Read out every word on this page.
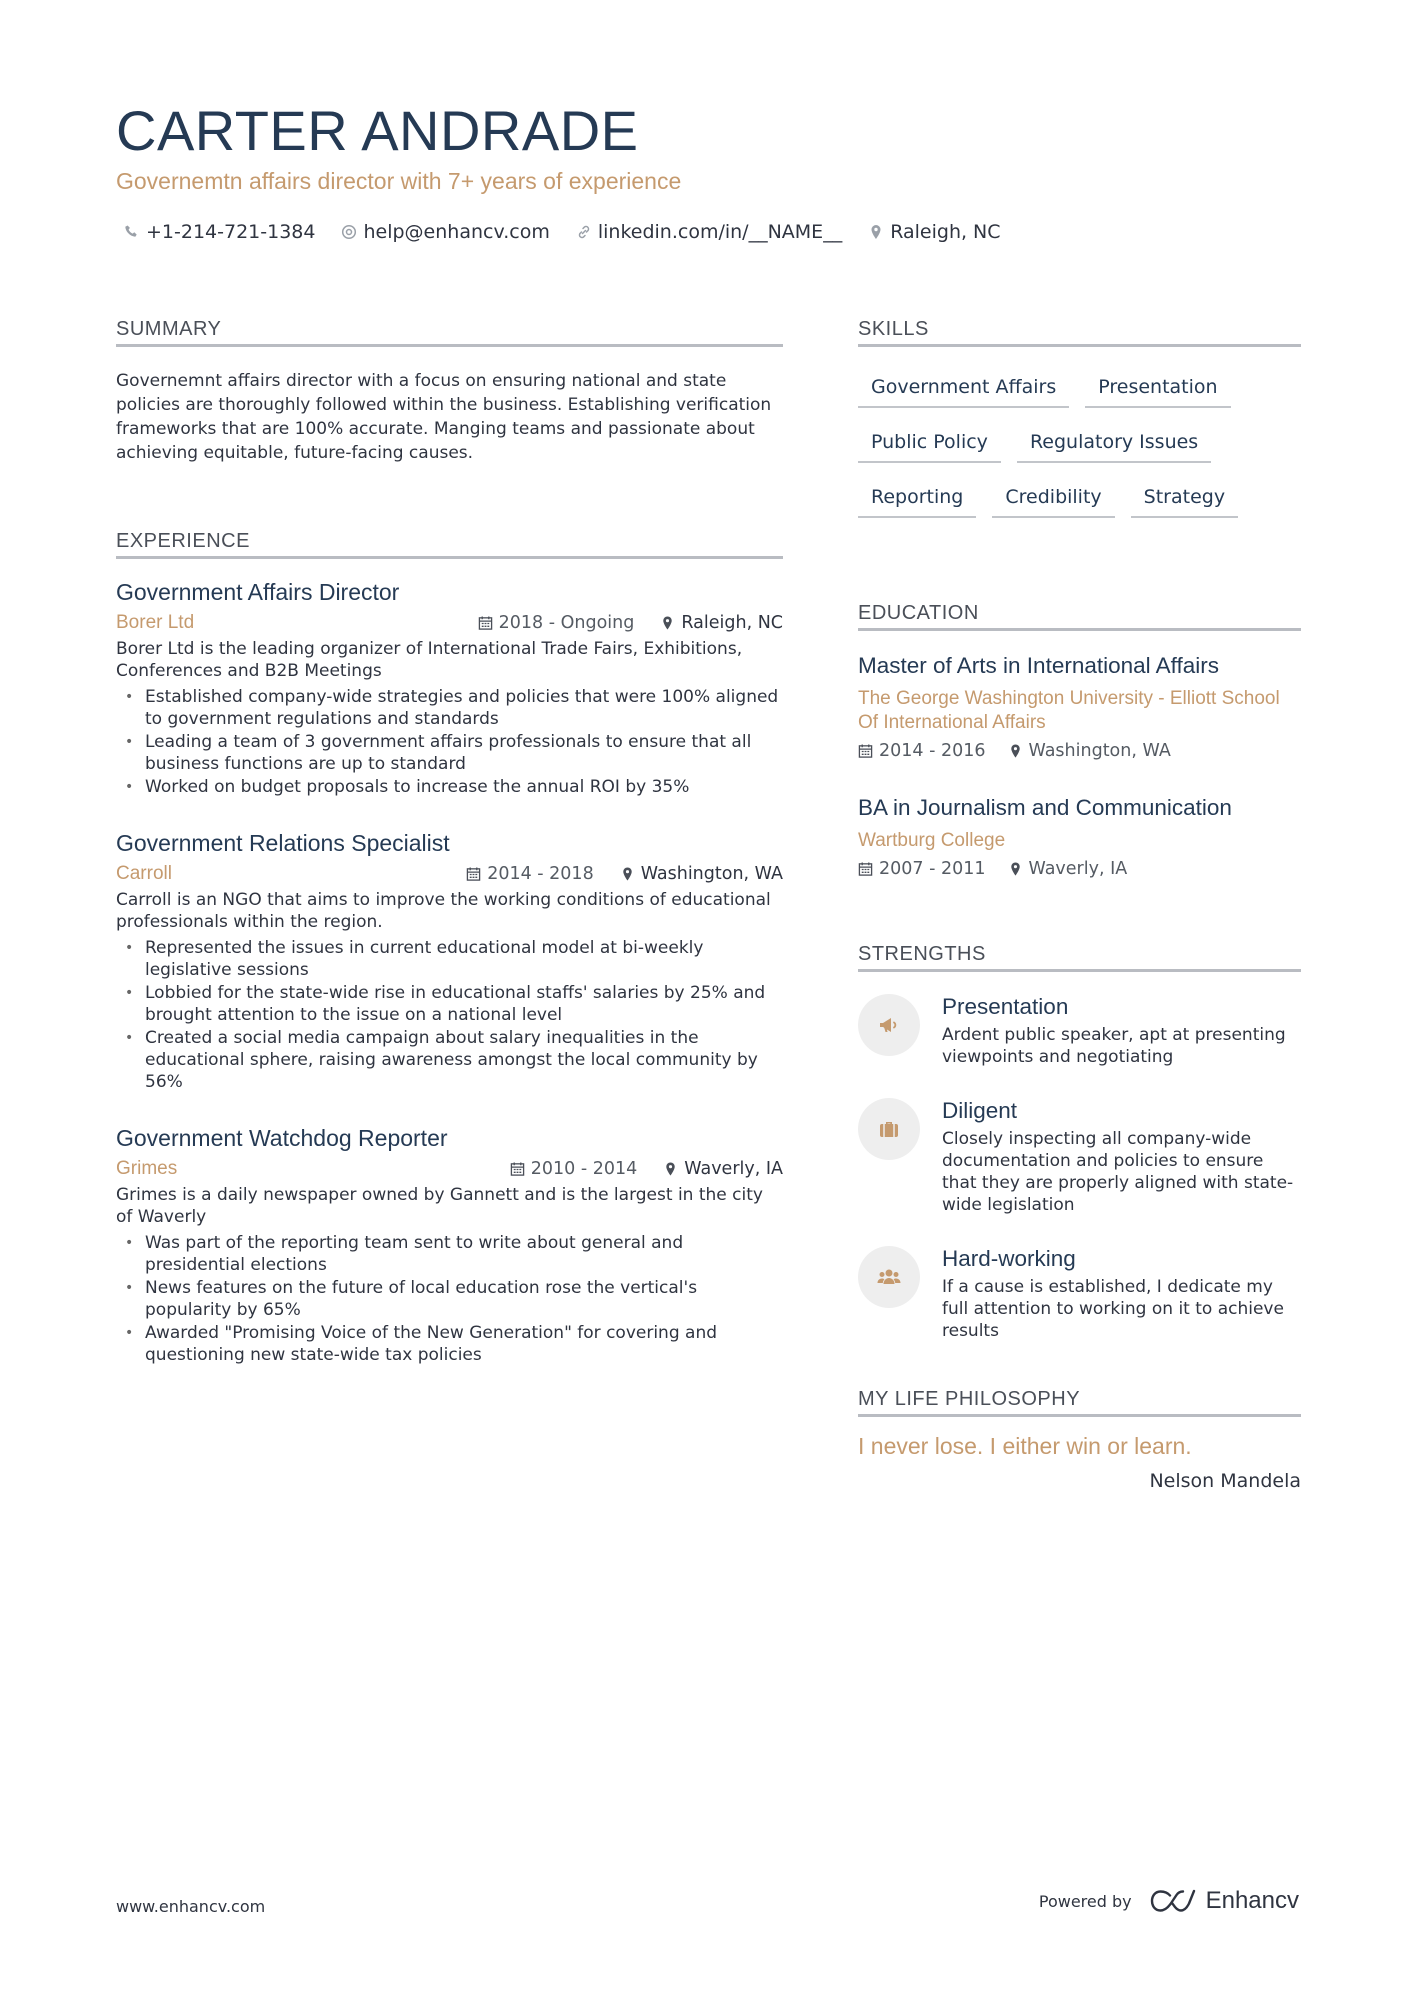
CARTER ANDRADE
Governemtn affairs director with 7+ years of experience
+1-214-721-1384	help@enhancv.com	linkedin.com/in/__NAME__	Raleigh, NC
SUMMARY

Governemnt affairs director with a focus on ensuring national and state policies are thoroughly followed within the business. Establishing verification frameworks that are 100% accurate. Manging teams and passionate about achieving equitable, future-facing causes.

EXPERIENCE
Government Affairs Director
Borer Ltd	2018 - Ongoing	Raleigh, NC

Borer Ltd is the leading organizer of International Trade Fairs, Exhibitions, Conferences and B2B Meetings

• Established company-wide strategies and policies that were 100% aligned to government regulations and standards
• Leading a team of 3 government affairs professionals to ensure that all business functions are up to standard
• Worked on budget proposals to increase the annual ROI by 35%
Government Relations Specialist
Carroll	2014 - 2018	Washington, WA

Carroll is an NGO that aims to improve the working conditions of educational professionals within the region.

• Represented the issues in current educational model at bi-weekly legislative sessions
• Lobbied for the state-wide rise in educational staffs' salaries by 25% and brought attention to the issue on a national level
• Created a social media campaign about salary inequalities in the educational sphere, raising awareness amongst the local community by 56%
Government Watchdog Reporter
Grimes	2010 - 2014	Waverly, IA

Grimes is a daily newspaper owned by Gannett and is the largest in the city of Waverly

• Was part of the reporting team sent to write about general and presidential elections
• News features on the future of local education rose the vertical's popularity by 65%
• Awarded "Promising Voice of the New Generation" for covering and questioning new state-wide tax policies
SKILLS
Government Affairs	Presentation
Public Policy	Regulatory Issues
Reporting	Credibility	Strategy
EDUCATION
Master of Arts in International Affairs
The George Washington University - Elliott School Of International Affairs
2014 - 2016 Washington, WA
BA in Journalism and Communication
Wartburg College
2007 - 2011 Waverly, IA
STRENGTHS
Presentation

Ardent public speaker, apt at presenting viewpoints and negotiating

Diligent

Closely inspecting all company-wide documentation and policies to ensure that they are properly aligned with state-wide legislation

Hard-working

If a cause is established, I dedicate my full attention to working on it to achieve results

MY LIFE PHILOSOPHY

I never lose. I either win or learn.

Nelson Mandela
www.enhancv.com	Powered by	Enhancv
